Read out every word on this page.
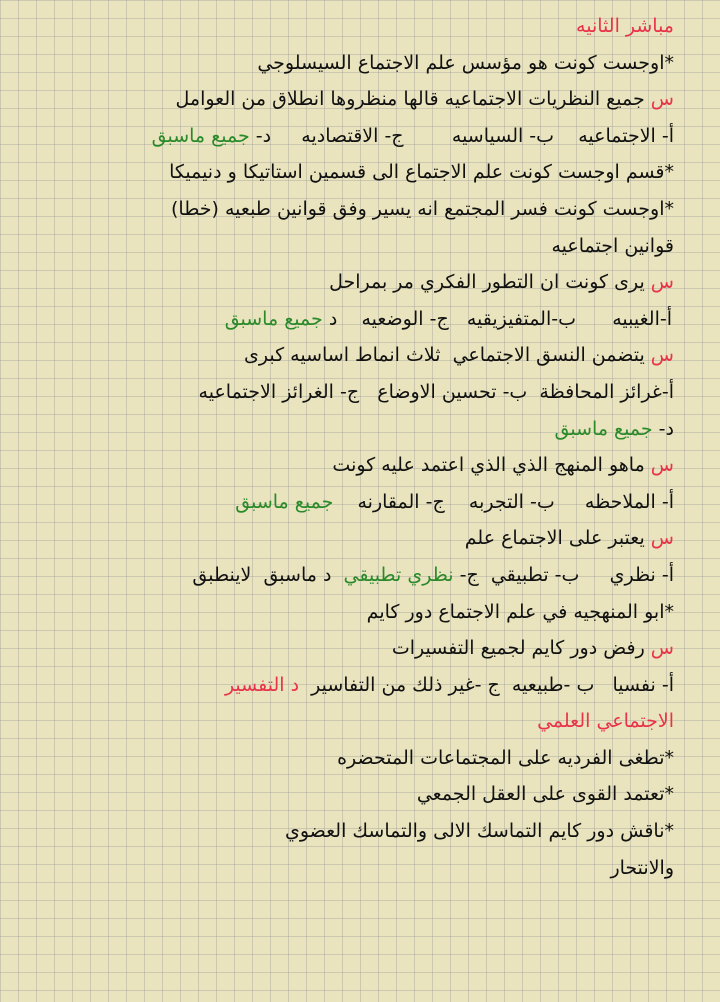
مباشر الثانيه
*اوجست كونت هو مؤسس علم الاجتماع السيسلوجي
س جميع النظريات الاجتماعيه قالها منظروها انطلاق من العوامل
أ- الاجتماعيه    ب- السياسيه        ج- الاقتصاديه     د- جميع ماسبق
*قسم اوجست كونت علم الاجتماع الى قسمين استاتيكا و دنيميكا
*اوجست كونت فسر المجتمع انه يسير وفق قوانين طبعيه (خطا)
قوانين اجتماعيه
س يرى كونت ان التطور الفكري مر بمراحل
أ-الغيبيه      ب-المتفيزيقيه   ج- الوضعيه    د جميع ماسبق
س يتضمن النسق الاجتماعي  ثلاث انماط اساسيه كبرى
أ-غرائز المحافظة  ب- تحسين الاوضاع   ج- الغرائز الاجتماعيه
د- جميع ماسبق
س ماهو المنهج الذي الذي اعتمد عليه كونت
أ- الملاحظه     ب- التجربه    ج- المقارنه    جميع ماسبق
س يعتبر على الاجتماع علم
أ- نظري     ب- تطبيقي  ج- نظري تطبيقي  د ماسبق  لاينطبق
*ابو المنهجيه في علم الاجتماع دور كايم
س رفض دور كايم لجميع التفسيرات
أ- نفسيا   ب -طبيعيه  ج -غير ذلك من التفاسير  د التفسير
الاجتماعي العلمي
*تطغى الفرديه على المجتماعات المتحضره
*تعتمد القوى على العقل الجمعي
*ناقش دور كايم التماسك الالى والتماسك العضوي
والانتحار
